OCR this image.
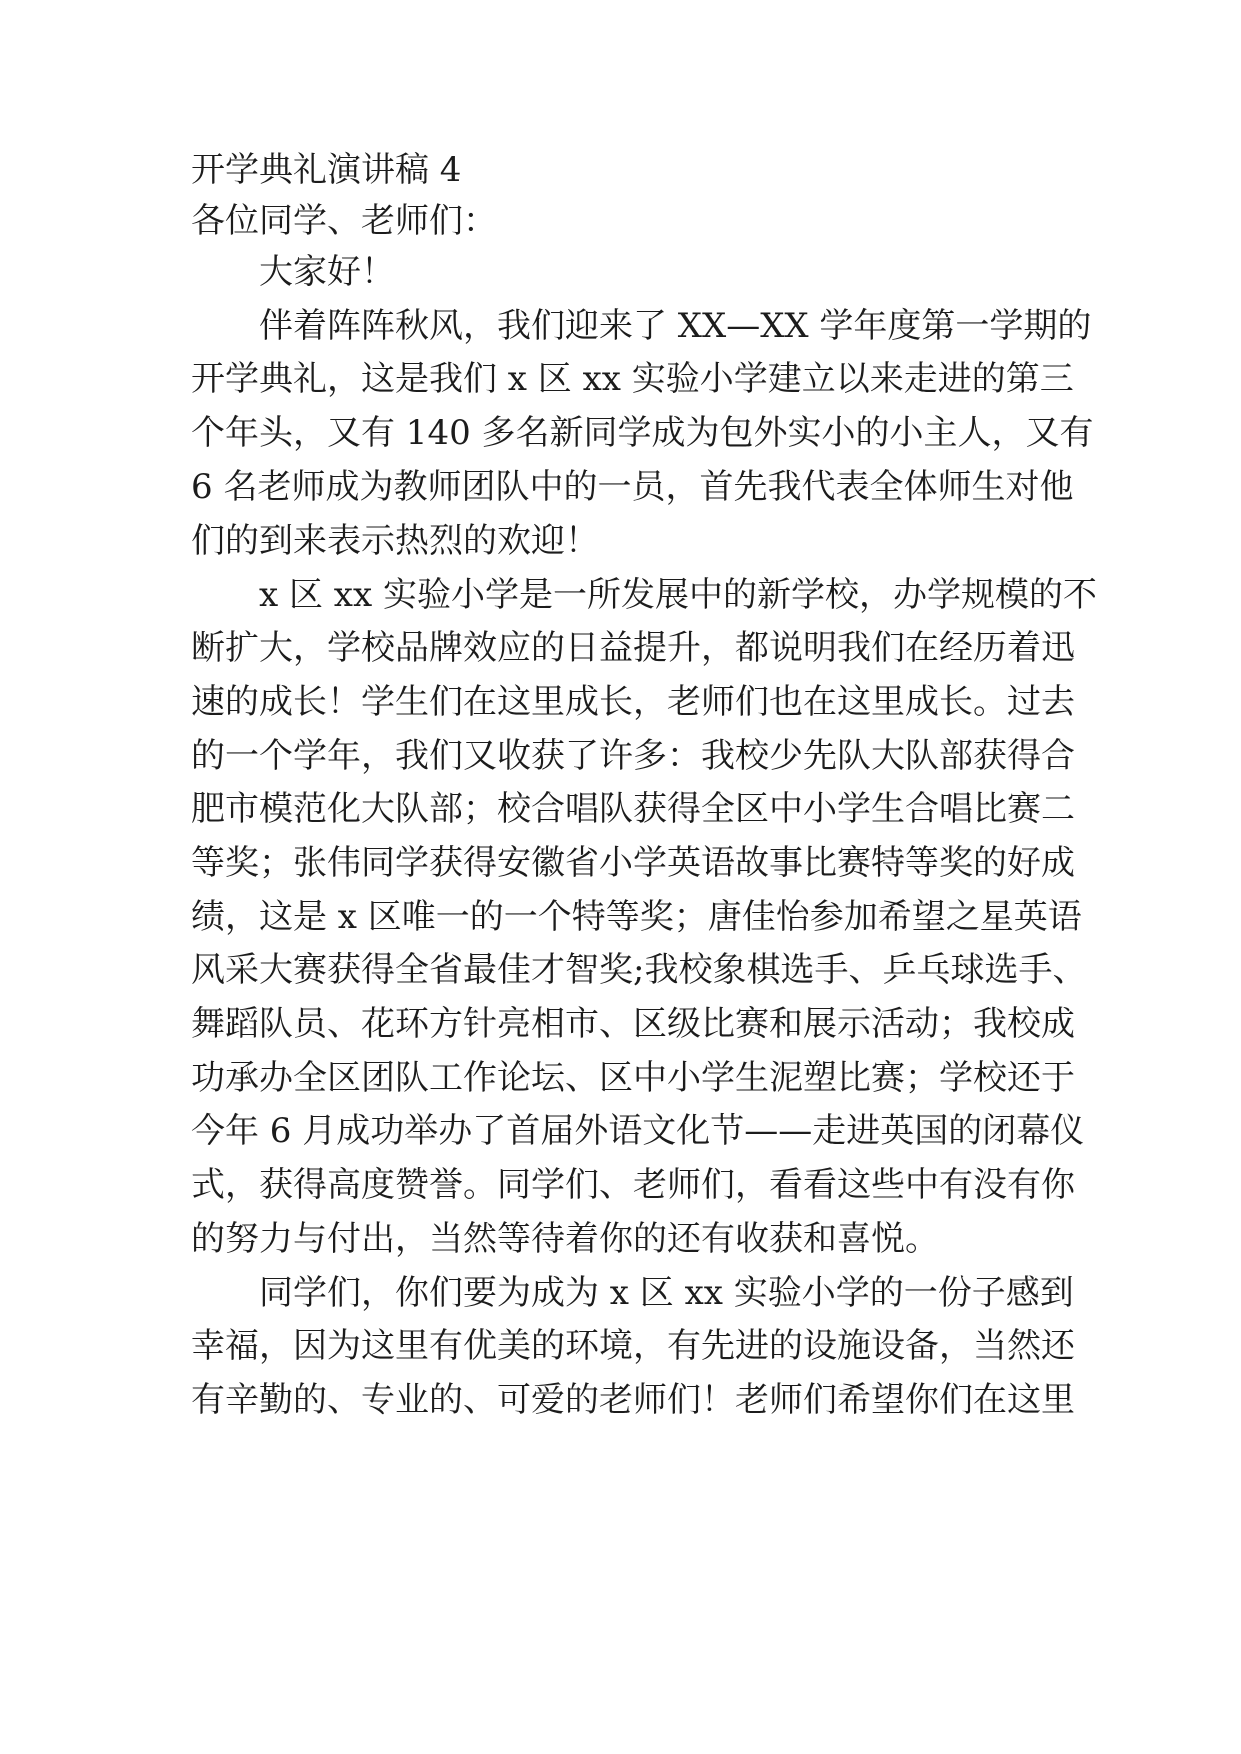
开学典礼演讲稿 4
各位同学、老师们：
大家好！
伴着阵阵秋风，我们迎来了 XX—XX 学年度第一学期的
开学典礼，这是我们 x 区 xx 实验小学建立以来走进的第三
个年头，又有 140 多名新同学成为包外实小的小主人，又有
6 名老师成为教师团队中的一员，首先我代表全体师生对他
们的到来表示热烈的欢迎！
x 区 xx 实验小学是一所发展中的新学校，办学规模的不
断扩大，学校品牌效应的日益提升，都说明我们在经历着迅
速的成长！学生们在这里成长，老师们也在这里成长。过去
的一个学年，我们又收获了许多：我校少先队大队部获得合
肥市模范化大队部；校合唱队获得全区中小学生合唱比赛二
等奖；张伟同学获得安徽省小学英语故事比赛特等奖的好成
绩，这是 x 区唯一的一个特等奖；唐佳怡参加希望之星英语
风采大赛获得全省最佳才智奖;我校象棋选手、乒乓球选手、
舞蹈队员、花环方针亮相市、区级比赛和展示活动；我校成
功承办全区团队工作论坛、区中小学生泥塑比赛；学校还于
今年 6 月成功举办了首届外语文化节——走进英国的闭幕仪
式，获得高度赞誉。同学们、老师们，看看这些中有没有你
的努力与付出，当然等待着你的还有收获和喜悦。
同学们，你们要为成为 x 区 xx 实验小学的一份子感到
幸福，因为这里有优美的环境，有先进的设施设备，当然还
有辛勤的、专业的、可爱的老师们！老师们希望你们在这里
